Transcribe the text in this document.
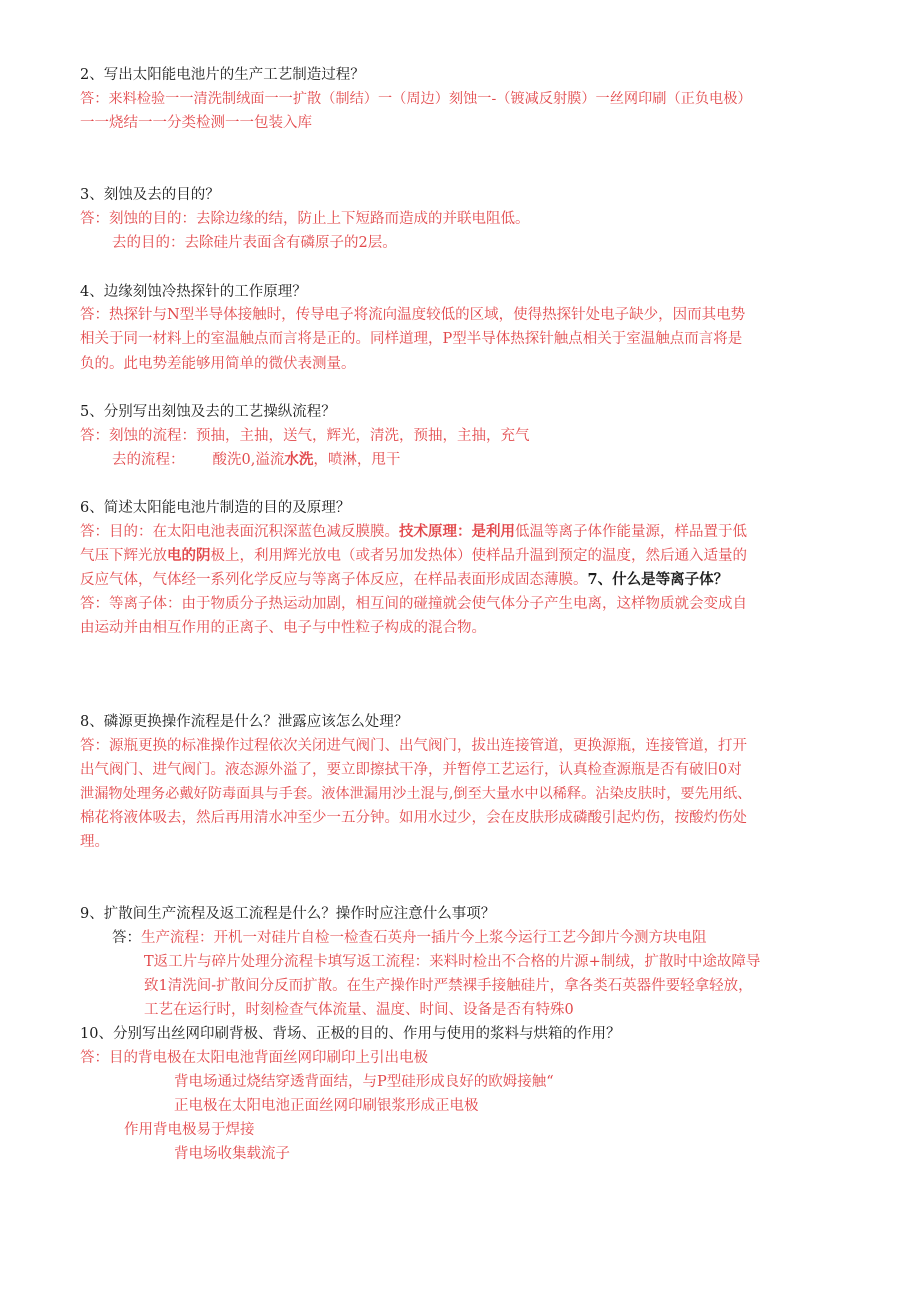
2、写出太阳能电池片的生产工艺制造过程？
答：来料检验一一清洗制绒面一一扩散（制结）一（周边）刻蚀一-（镀减反射膜）一丝网印刷（正负电极）
一一烧结一一分类检测一一包装入库
3、刻蚀及去的目的？
答：刻蚀的目的：去除边缘的结，防止上下短路而造成的并联电阻低。
去的目的：去除硅片表面含有磷原子的2层。
4、边缘刻蚀冷热探针的工作原理？
答：热探针与N型半导体接触时，传导电子将流向温度较低的区域，使得热探针处电子缺少，因而其电势
相关于同一材料上的室温触点而言将是正的。同样道理，P型半导体热探针触点相关于室温触点而言将是
负的。此电势差能够用简单的微伏表测量。
5、分别写出刻蚀及去的工艺操纵流程？
答：刻蚀的流程：预抽，主抽，送气，辉光，清洗，预抽，主抽，充气
去的流程： 酸洗0,溢流水洗，喷淋，甩干
6、简述太阳能电池片制造的目的及原理？
答：目的：在太阳电池表面沉积深蓝色减反膜膜。技术原理：是利用低温等离子体作能量源，样品置于低
气压下辉光放电的阴极上，利用辉光放电（或者另加发热体）使样品升温到预定的温度，然后通入适量的
反应气体，气体经一系列化学反应与等离子体反应，在样品表面形成固态薄膜。7、什么是等离子体？
答：等离子体：由于物质分子热运动加剧，相互间的碰撞就会使气体分子产生电离，这样物质就会变成自
由运动并由相互作用的正离子、电子与中性粒子构成的混合物。
8、磷源更换操作流程是什么？泄露应该怎么处理？
答：源瓶更换的标准操作过程依次关闭进气阀门、出气阀门，拔出连接管道，更换源瓶，连接管道，打开
出气阀门、进气阀门。液态源外溢了，要立即擦拭干净，并暂停工艺运行，认真检查源瓶是否有破旧0对
泄漏物处理务必戴好防毒面具与手套。液体泄漏用沙土混与,倒至大量水中以稀释。沾染皮肤时，要先用纸、
棉花将液体吸去，然后再用清水冲至少一五分钟。如用水过少，会在皮肤形成磷酸引起灼伤，按酸灼伤处
理。
9、扩散间生产流程及返工流程是什么？操作时应注意什么事项？
答：生产流程：开机一对硅片自检一检查石英舟一插片今上浆今运行工艺今卸片今测方块电阻
T返工片与碎片处理分流程卡填写返工流程：来料时检出不合格的片源+制绒，扩散时中途故障导
致1清洗间-扩散间分反而扩散。在生产操作时严禁裸手接触硅片，拿各类石英器件要轻拿轻放，
工艺在运行时，时刻检查气体流量、温度、时间、设备是否有特殊0
10、分别写出丝网印刷背极、背场、正极的目的、作用与使用的浆料与烘箱的作用？
答：目的背电极在太阳电池背面丝网印刷印上引出电极
背电场通过烧结穿透背面结，与P型硅形成良好的欧姆接触“
正电极在太阳电池正面丝网印刷银浆形成正电极
作用背电极易于焊接
背电场收集载流子
